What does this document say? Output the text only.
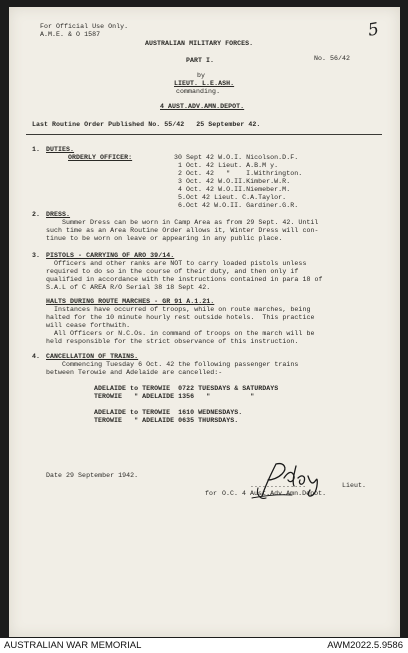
For Official Use Only.
A.M.E. & O 1587
AUSTRALIAN MILITARY FORCES.
PART I.	No. 56/42
5
by
LIEUT. L.E.ASH.
commanding.
4 AUST.ADV.AMN.DEPOT.
Last Routine Order Published No. 55/42   25 September 42.
1. DUTIES.
ORDERLY OFFICER:	30 Sept 42 W.O.I. Nicolson.D.F.
1 Oct. 42 Lieut. A.B.M y.
2 Oct. 42   "    I.Withrington.
3 Oct. 42 W.O.II.Kimber.W.R.
4 Oct. 42 W.O.II.Niemeber.M.
5.Oct 42 Lieut. C.A.Taylor.
6.Oct 42 W.O.II. Gardiner.G.R.
2. DRESS.
Summer Dress can be worn in Camp Area as from 29 Sept. 42. Until
such time as an Area Routine Order allows it, Winter Dress will con-
tinue to be worn on leave or appearing in any public place.
3. PISTOLS - CARRYING OF ARO 39/14.
Officers and other ranks are NOT to carry loaded pistols unless
required to do so in the course of their duty, and then only if
qualified in accordance with the instructions contained in para 18 of
S.A.L of C AREA R/O Serial 38 18 Sept 42.
HALTS DURING ROUTE MARCHES - GR 91 A.1.21.
Instances have occurred of troops, while on route marches, being
halted for the 10 minute hourly rest outside hotels.  This practice
will cease forthwith.
All Officers or N.C.Os. in command of troops on the march will be
held responsible for the strict observance of this instruction.
4. CANCELLATION OF TRAINS.
Commencing Tuesday 6 Oct. 42 the following passenger trains
between Terowie and Adelaide are cancelled:-
ADELAIDE to TEROWIE  0722 TUESDAYS & SATURDAYS
TEROWIE   " ADELAIDE 1356   "          "
ADELAIDE to TEROWIE  1610 WEDNESDAYS.
TEROWIE   " ADELAIDE 0635 THURSDAYS.
Date 29 September 1942.
..............	Lieut.
for O.C. 4 Aust.Adv.Amn.Depot.
AUSTRALIAN WAR MEMORIAL	AWM2022.5.9586
